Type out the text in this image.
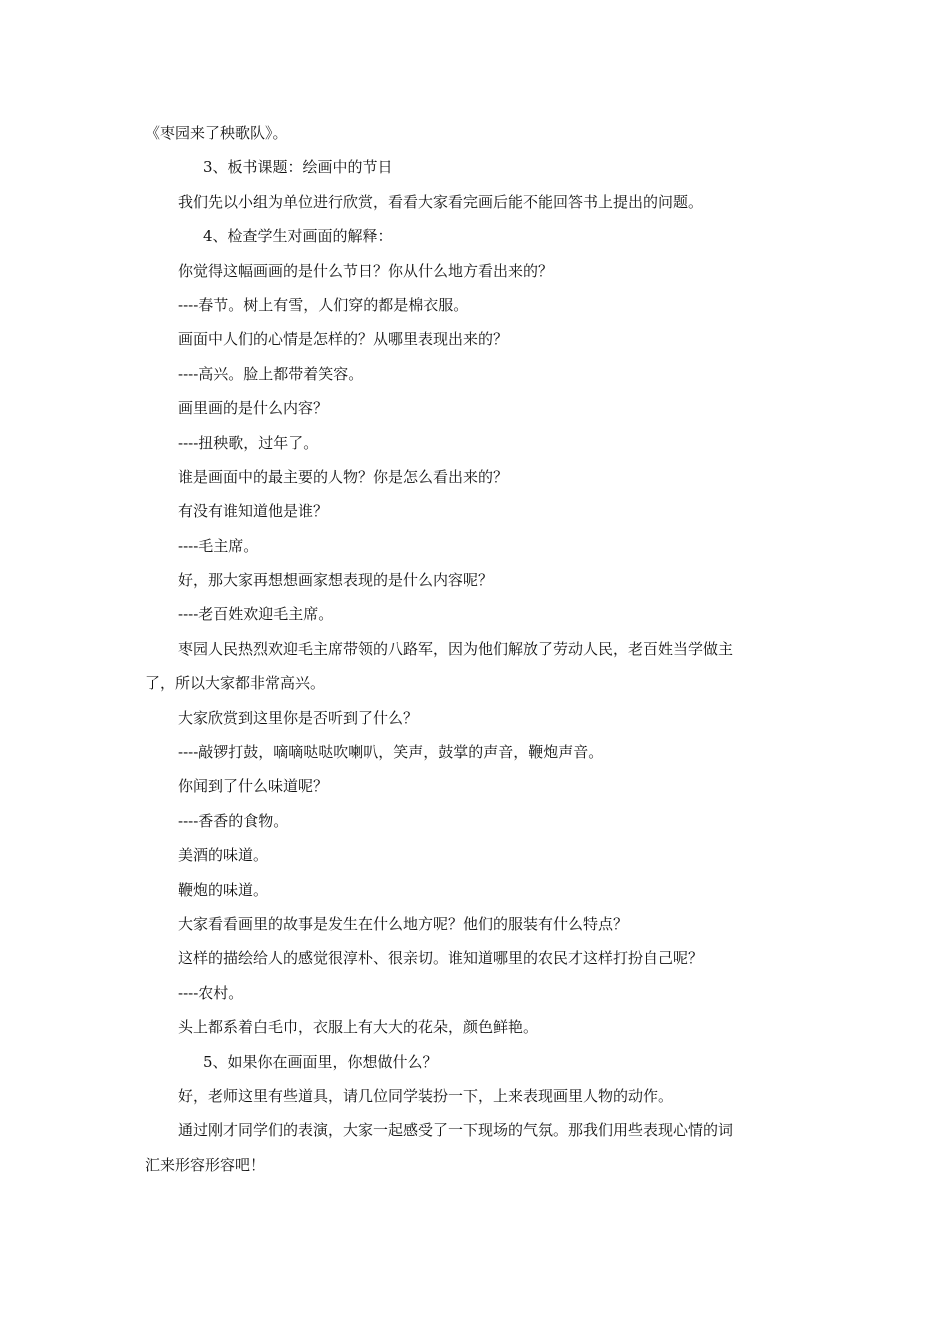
《枣园来了秧歌队》。
3、板书课题：绘画中的节日
我们先以小组为单位进行欣赏，看看大家看完画后能不能回答书上提出的问题。
4、检查学生对画面的解释：
你觉得这幅画画的是什么节日？你从什么地方看出来的？
----春节。树上有雪，人们穿的都是棉衣服。
画面中人们的心情是怎样的？从哪里表现出来的？
----高兴。脸上都带着笑容。
画里画的是什么内容？
----扭秧歌，过年了。
谁是画面中的最主要的人物？你是怎么看出来的？
有没有谁知道他是谁？
----毛主席。
好，那大家再想想画家想表现的是什么内容呢？
----老百姓欢迎毛主席。
枣园人民热烈欢迎毛主席带领的八路军，因为他们解放了劳动人民，老百姓当学做主
了，所以大家都非常高兴。
大家欣赏到这里你是否听到了什么？
----敲锣打鼓，嘀嘀哒哒吹喇叭，笑声，鼓掌的声音，鞭炮声音。
你闻到了什么味道呢？
----香香的食物。
美酒的味道。
鞭炮的味道。
大家看看画里的故事是发生在什么地方呢？他们的服装有什么特点？
这样的描绘给人的感觉很淳朴、很亲切。谁知道哪里的农民才这样打扮自己呢？
----农村。
头上都系着白毛巾，衣服上有大大的花朵，颜色鲜艳。
5、如果你在画面里，你想做什么？
好，老师这里有些道具，请几位同学装扮一下，上来表现画里人物的动作。
通过刚才同学们的表演，大家一起感受了一下现场的气氛。那我们用些表现心情的词
汇来形容形容吧！
